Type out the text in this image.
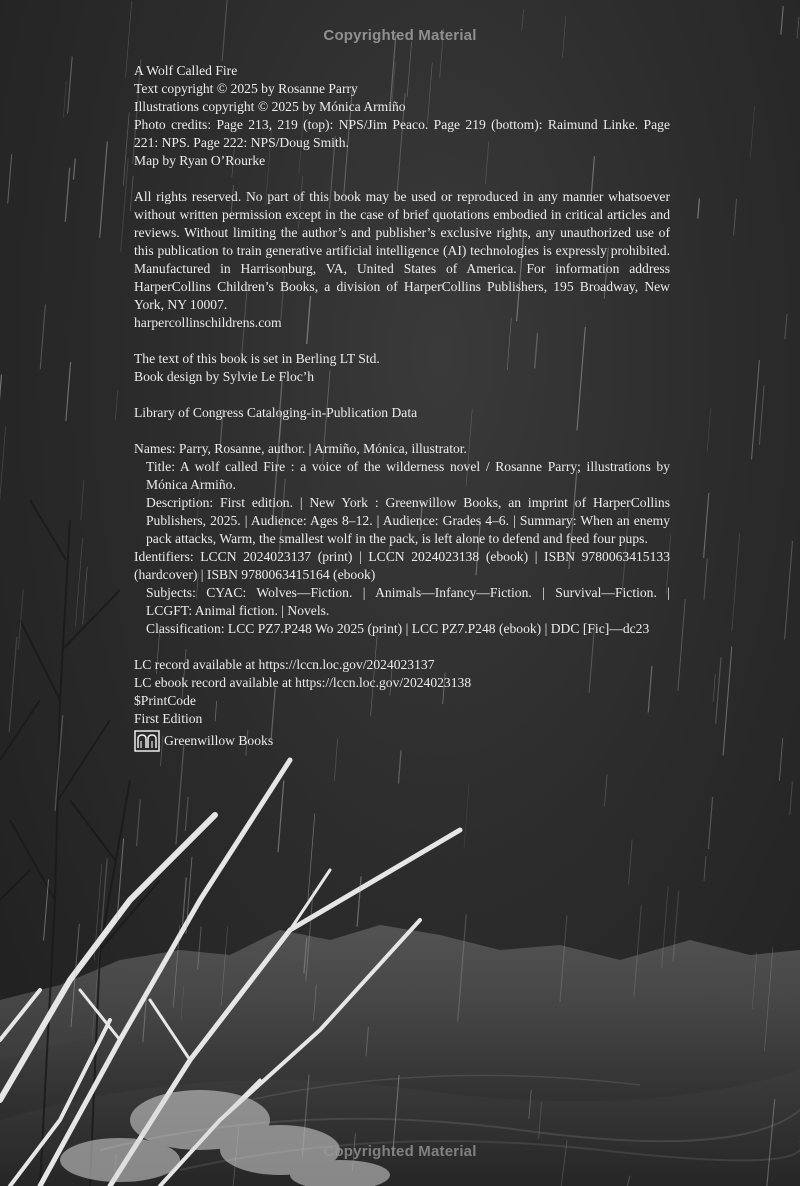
Copyrighted Material
A Wolf Called Fire
Text copyright © 2025 by Rosanne Parry
Illustrations copyright © 2025 by Mónica Armiño

Photo credits: Page 213, 219 (top): NPS/Jim Peaco. Page 219 (bottom): Raimund Linke. Page 221: NPS. Page 222: NPS/Doug Smith.

Map by Ryan O’Rourke

All rights reserved. No part of this book may be used or reproduced in any manner whatsoever without written permission except in the case of brief quotations embodied in critical articles and reviews. Without limiting the author’s and publisher’s exclusive rights, any unauthorized use of this publication to train generative artificial intelligence (AI) technologies is expressly prohibited. Manufactured in Harrisonburg, VA, United States of America. For information address HarperCollins Children’s Books, a division of HarperCollins Publishers, 195 Broadway, New York, NY 10007.

harpercollinschildrens.com
The text of this book is set in Berling LT Std.
Book design by Sylvie Le Floc’h
Library of Congress Cataloging-in-Publication Data

Names: Parry, Rosanne, author. | Armiño, Mónica, illustrator.

Title: A wolf called Fire : a voice of the wilderness novel / Rosanne Parry; illustrations by Mónica Armiño.

Description: First edition. | New York : Greenwillow Books, an imprint of HarperCollins Publishers, 2025. | Audience: Ages 8–12. | Audience: Grades 4–6. | Summary: When an enemy pack attacks, Warm, the smallest wolf in the pack, is left alone to defend and feed four pups.

Identifiers: LCCN 2024023137 (print) | LCCN 2024023138 (ebook) | ISBN 9780063415133 (hardcover) | ISBN 9780063415164 (ebook)

Subjects: CYAC: Wolves—Fiction. | Animals—Infancy—Fiction. | Survival—Fiction. | LCGFT: Animal fiction. | Novels.

Classification: LCC PZ7.P248 Wo 2025 (print) | LCC PZ7.P248 (ebook) | DDC [Fic]—dc23

LC record available at https://lccn.loc.gov/2024023137
LC ebook record available at https://lccn.loc.gov/2024023138
$PrintCode
First Edition
Greenwillow Books
Copyrighted Material
